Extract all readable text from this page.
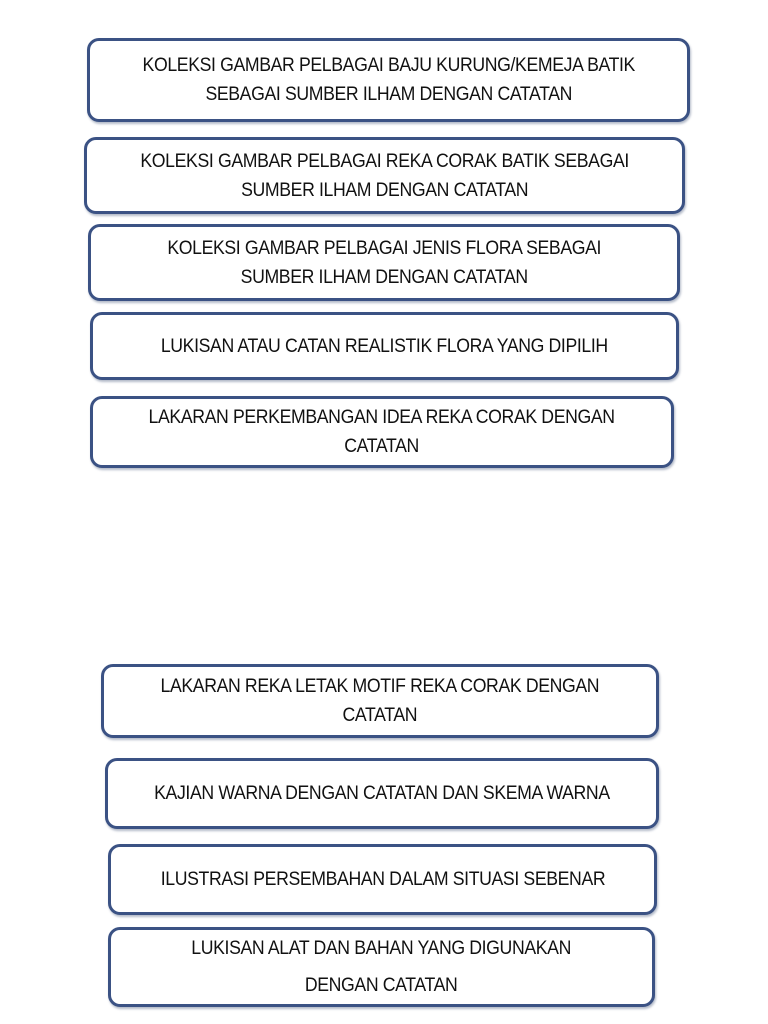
KOLEKSI GAMBAR PELBAGAI BAJU KURUNG/KEMEJA BATIK
SEBAGAI SUMBER ILHAM DENGAN CATATAN
KOLEKSI GAMBAR PELBAGAI REKA CORAK BATIK SEBAGAI
SUMBER ILHAM DENGAN CATATAN
KOLEKSI GAMBAR PELBAGAI JENIS FLORA SEBAGAI
SUMBER ILHAM DENGAN CATATAN
LUKISAN ATAU CATAN REALISTIK FLORA YANG DIPILIH
LAKARAN PERKEMBANGAN IDEA REKA CORAK DENGAN
CATATAN
LAKARAN REKA LETAK MOTIF REKA CORAK DENGAN
CATATAN
KAJIAN WARNA DENGAN CATATAN DAN SKEMA WARNA
ILUSTRASI PERSEMBAHAN DALAM SITUASI SEBENAR
LUKISAN ALAT DAN BAHAN YANG DIGUNAKAN
DENGAN CATATAN
